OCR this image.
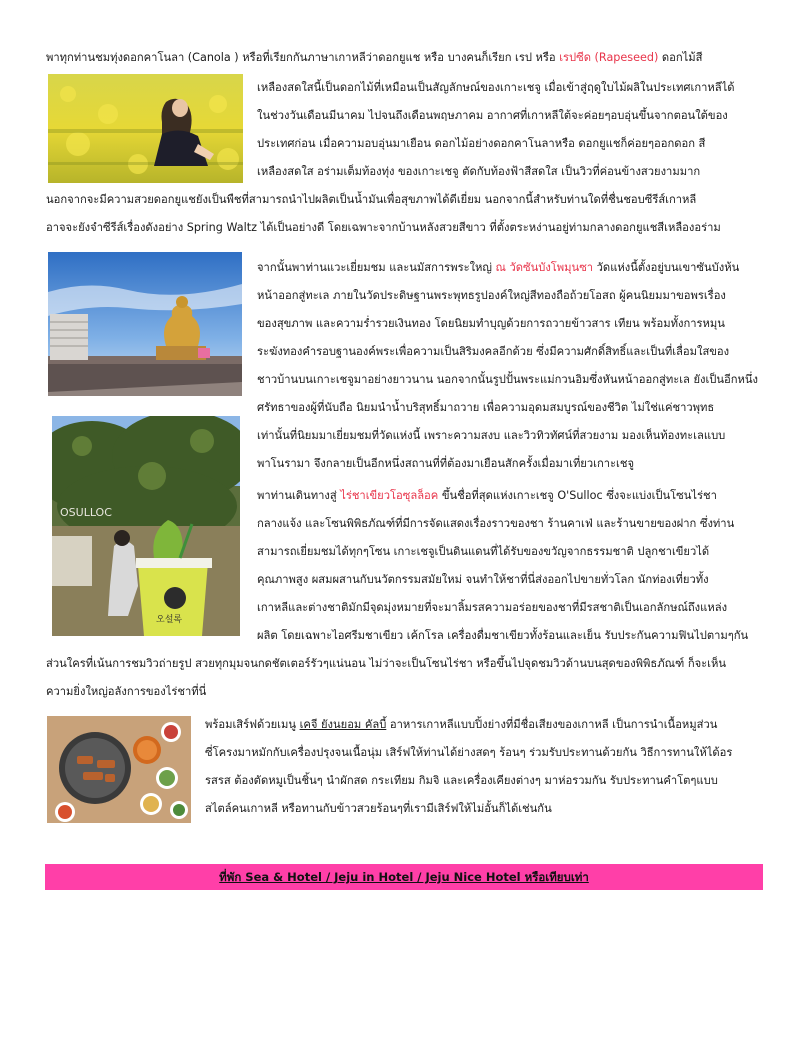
พาทุกท่านชมทุ่งดอกคาโนลา (Canola ) หรือที่เรียกกันภาษาเกาหลีว่าดอกยูแช หรือ บางคนก็เรียก เรป หรือ เรปซีด (Rapeseed) ดอกไม้สี
เหลืองสดใสนี้เป็นดอกไม้ที่เหมือนเป็นสัญลักษณ์ของเกาะเชจู เมื่อเข้าสู่ฤดูใบไม้ผลิในประเทศเกาหลีได้
ในช่วงวันเดือนมีนาคม ไปจนถึงเดือนพฤษภาคม อากาศที่เกาหลีใต้จะค่อยๆอบอุ่นขึ้นจากตอนใต้ของ
ประเทศก่อน เมื่อความอบอุ่นมาเยือน ดอกไม้อย่างดอกคาโนลาหรือ ดอกยูแชก็ค่อยๆออกดอก สี
เหลืองสดใส อร่ามเต็มท้องทุ่ง ของเกาะเชจู ตัดกับท้องฟ้าสีสดใส เป็นวิวที่ค่อนข้างสวยงามมาก
นอกจากจะมีความสวยดอกยูแชยังเป็นพืชที่สามารถนำไปผลิตเป็นน้ำมันเพื่อสุขภาพได้ดีเยี่ยม นอกจากนี้สำหรับท่านใดที่ชื่นชอบซีรีส์เกาหลี
อาจจะยังจำซีรีส์เรื่องดังอย่าง Spring Waltz ได้เป็นอย่างดี โดยเฉพาะจากบ้านหลังสวยสีขาว ที่ตั้งตระหง่านอยู่ท่ามกลางดอกยูแชสีเหลืองอร่าม
จากนั้นพาท่านแวะเยี่ยมชม และนมัสการพระใหญ่ ณ วัดซันบังโพมุนซา วัดแห่งนี้ตั้งอยู่บนเขาซันบังห้น
หน้าออกสู่ทะเล ภายในวัดประดิษฐานพระพุทธรูปองค์ใหญ่สีทองถือถ้วยโอสถ ผู้คนนิยมมาขอพรเรื่อง
ของสุขภาพ และความร่ำรวยเงินทอง โดยนิยมทำบุญด้วยการถวายข้าวสาร เทียน พร้อมทั้งการหมุน
ระฆังทองคำรอบฐานองค์พระเพื่อความเป็นสิริมงคลอีกด้วย ซึ่งมีความศักดิ์สิทธิ์และเป็นที่เลื่อมใสของ
ชาวบ้านบนเกาะเชจูมาอย่างยาวนาน นอกจากนั้นรูปปั้นพระแม่กวนอิมซึ่งหันหน้าออกสู่ทะเล ยังเป็นอีกหนึ่ง
ศรัทธาของผู้ที่นับถือ นิยมนำน้ำบริสุทธิ์มาถวาย เพื่อความอุดมสมบูรณ์ของชีวิต ไม่ใช่แค่ชาวพุทธ
เท่านั้นที่นิยมมาเยี่ยมชมที่วัดแห่งนี้ เพราะความสงบ และวิวทิวทัศน์ที่สวยงาม มองเห็นท้องทะเลแบบ
พาโนรามา จึงกลายเป็นอีกหนึ่งสถานที่ที่ต้องมาเยือนสักครั้งเมื่อมาเที่ยวเกาะเชจู
OSULLOC
오설록
พาท่านเดินทางสู่ ไร่ชาเขียวโอซุลล็อค ขึ้นชื่อที่สุดแห่งเกาะเชจู O'Sulloc ซึ่งจะแบ่งเป็นโซนไร่ชา
กลางแจ้ง และโซนพิพิธภัณฑ์ที่มีการจัดแสดงเรื่องราวของชา ร้านคาเฟ่ และร้านขายของฝาก ซึ่งท่าน
สามารถเยี่ยมชมได้ทุกๆโซน เกาะเชจูเป็นดินแดนที่ได้รับของขวัญจากธรรมชาติ ปลูกชาเขียวได้
คุณภาพสูง ผสมผสานกับนวัตกรรมสมัยใหม่ จนทำให้ชาที่นี่ส่งออกไปขายทั่วโลก นักท่องเที่ยวทั้ง
เกาหลีและต่างชาติมักมีจุดมุ่งหมายที่จะมาลิ้มรสความอร่อยของชาที่มีรสชาติเป็นเอกลักษณ์ถึงแหล่ง
ผลิต โดยเฉพาะไอศรีมชาเขียว เค้กโรล เครื่องดื่มชาเขียวทั้งร้อนและเย็น รับประกันความฟินไปตามๆกัน
ส่วนใครที่เน้นการชมวิวถ่ายรูป สวยทุกมุมจนกดชัตเตอร์รัวๆแน่นอน ไม่ว่าจะเป็นโซนไร่ชา หรือขึ้นไปจุดชมวิวด้านบนสุดของพิพิธภัณฑ์ ก็จะเห็น
ความยิ่งใหญ่อลังการของไร่ชาที่นี่
พร้อมเสิร์ฟด้วยเมนู เคจี ยังนยอม คัลบี้ อาหารเกาหลีแบบปิ้งย่างที่มีชื่อเสียงของเกาหลี เป็นการนำเนื้อหมูส่วน
ซี่โครงมาหมักกับเครื่องปรุงจนเนื้อนุ่ม เสิร์ฟให้ท่านได้ย่างสดๆ ร้อนๆ ร่วมรับประทานด้วยกัน วิธีการทานให้ได้อร
รสรส ต้องตัดหมูเป็นชิ้นๆ นำผักสด กระเทียม กิมจิ และเครื่องเคียงต่างๆ มาห่อรวมกัน รับประทานคำโตๆแบบ
สไตล์คนเกาหลี หรือทานกับข้าวสวยร้อนๆที่เรามีเสิร์ฟให้ไม่อั้นก็ได้เช่นกัน
ที่พัก Sea & Hotel / Jeju in Hotel / Jeju Nice Hotel หรือเทียบเท่า
